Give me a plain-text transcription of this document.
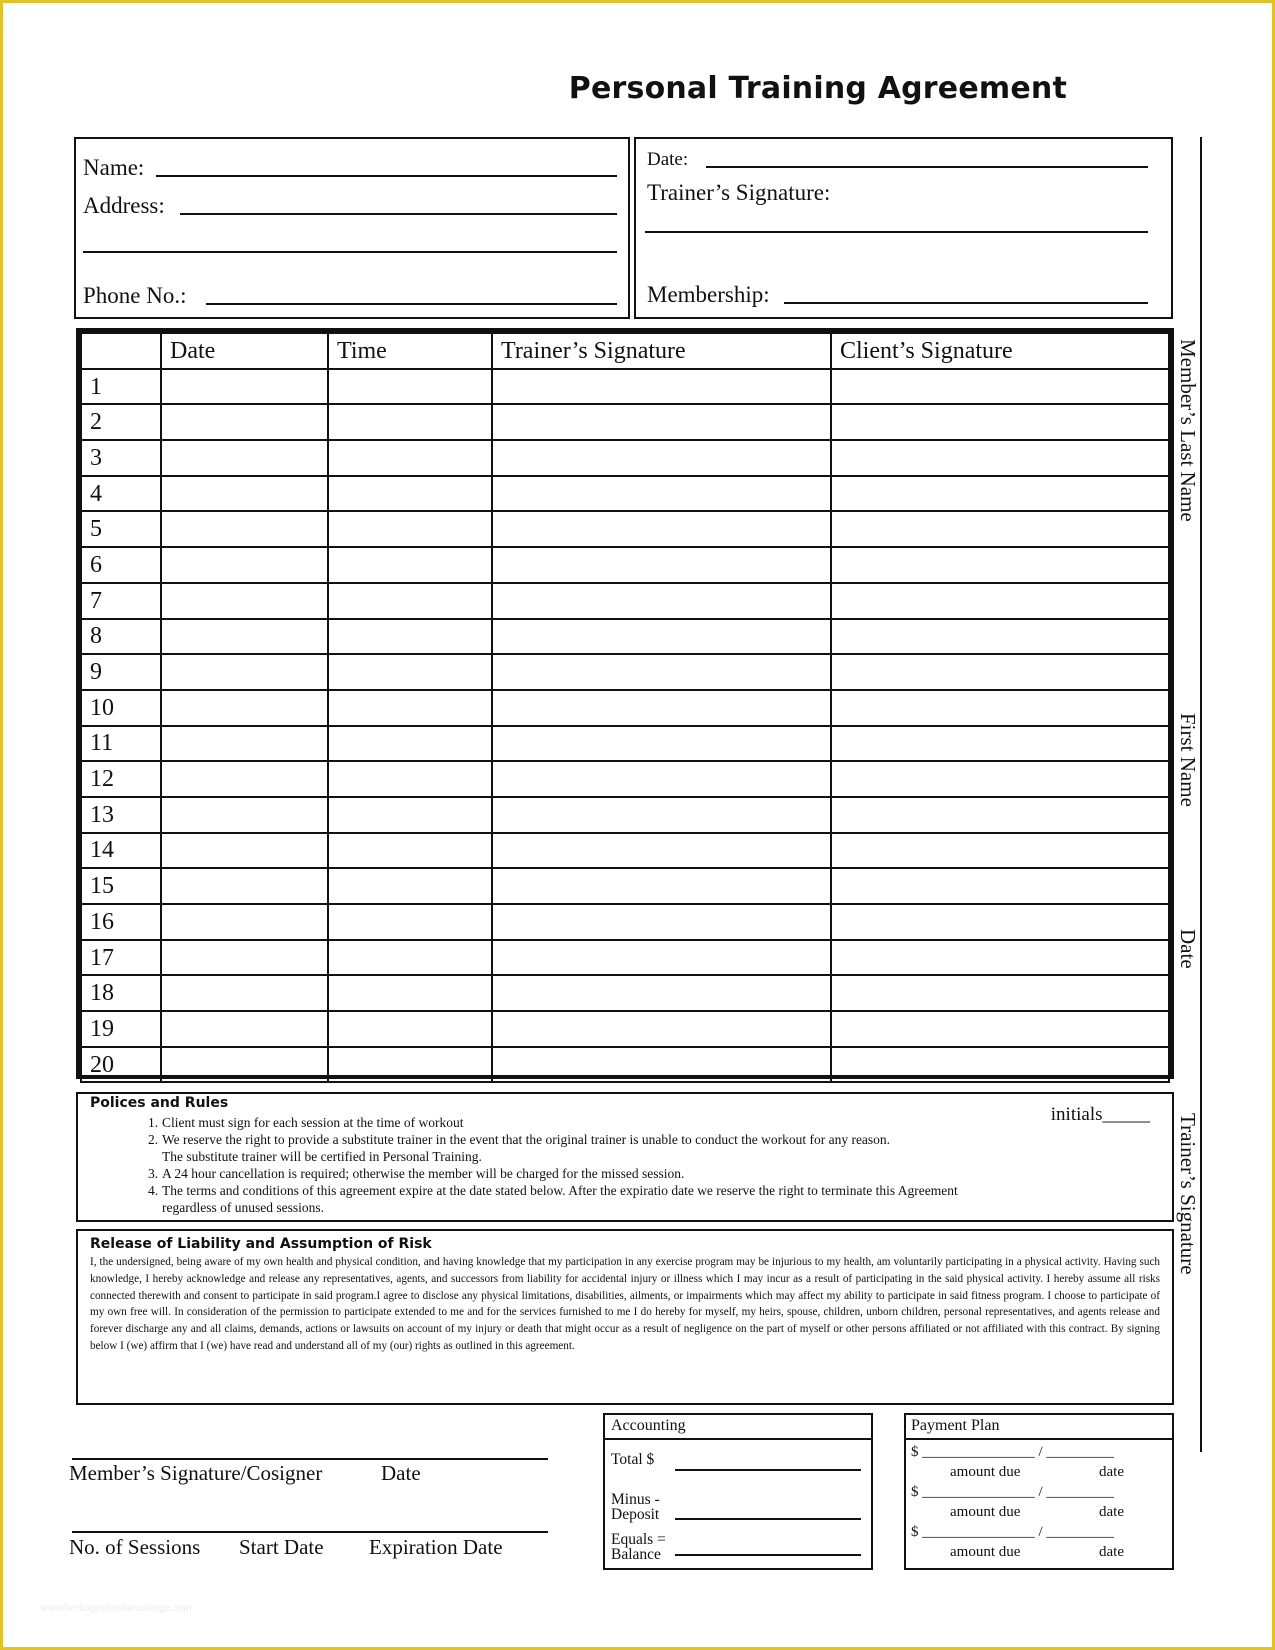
Personal Training Agreement
Name:
Address:
Phone No.:
Date:
Trainer’s Signature:
Membership:
Member’s Last Name
First Name
Date
Trainer’s Signature
	Date	Time	Trainer’s Signature	Client’s Signature
1				
2				
3				
4				
5				
6				
7				
8				
9				
10				
11				
12				
13				
14				
15				
16				
17				
18				
19				
20				
Polices and Rules
initials_____
1. Client must sign for each session at the time of workout
2. We reserve the right to provide a substitute trainer in the event that the original trainer is unable to conduct the workout for any reason.
The substitute trainer will be certified in Personal Training.
3. A 24 hour cancellation is required; otherwise the member will be charged for the missed session.
4. The terms and conditions of this agreement expire at the date stated below. After the expiratio date we reserve the right to terminate this Agreement
regardless of unused sessions.
Release of Liability and Assumption of Risk
I, the undersigned, being aware of my own health and physical condition, and having knowledge that my participation in any exercise program may be injurious to my health, am voluntarily participating in a physical activity. Having such knowledge, I hereby acknowledge and release any representatives, agents, and successors from liability for accidental injury or illness which I may incur as a result of participating in the said physical activity. I hereby assume all risks connected therewith and consent to participate in said program.I agree to disclose any physical limitations, disabilities, ailments, or impairments which may affect my ability to participate in said fitness program. I choose to participate of my own free will. In consideration of the permission to participate extended to me and for the services furnished to me I do hereby for myself, my heirs, spouse, children, unborn children, personal representatives, and agents release and forever discharge any and all claims, demands, actions or lawsuits on account of my injury or death that might occur as a result of negligence on the part of myself or other persons affiliated or not affiliated with this contract. By signing below I (we) affirm that I (we) have read and understand all of my (our) rights as outlined in this agreement.
Member’s Signature/Cosigner	Date
No. of Sessions Start Date Expiration Date
Accounting
Total $
Minus -
Deposit
Equals =
Balance
Payment Plan
$ _______________ / _________
amount due	date
$ _______________ / _________
amount due	date
$ _______________ / _________
amount due	date
www.heritagechristiancollege.com
